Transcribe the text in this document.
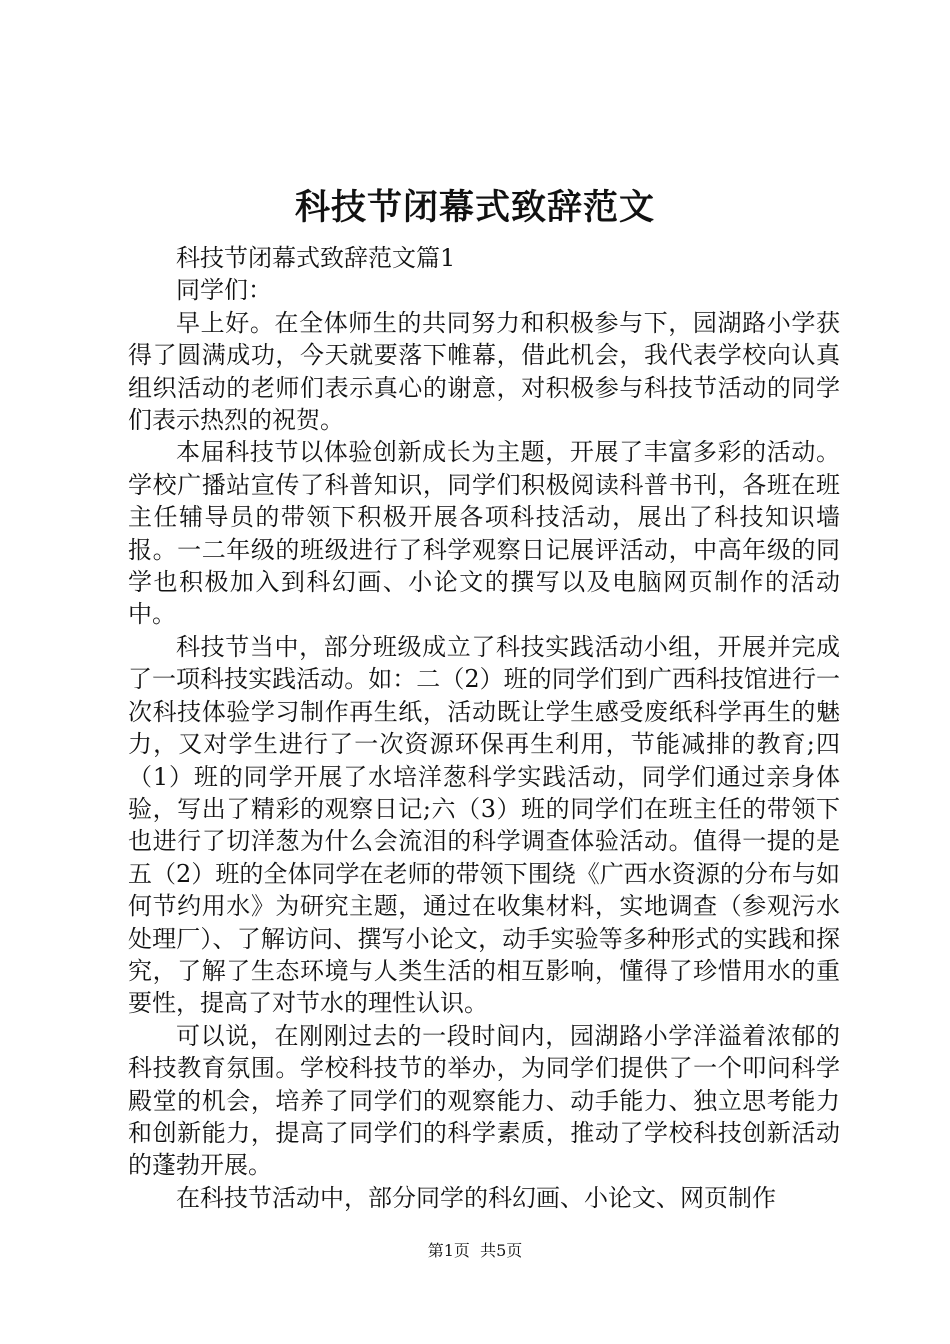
科技节闭幕式致辞范文

科技节闭幕式致辞范文篇1

同学们：

早上好。在全体师生的共同努力和积极参与下，园湖路小学获得了圆满成功，今天就要落下帷幕，借此机会，我代表学校向认真组织活动的老师们表示真心的谢意，对积极参与科技节活动的同学们表示热烈的祝贺。

本届科技节以体验创新成长为主题，开展了丰富多彩的活动。学校广播站宣传了科普知识，同学们积极阅读科普书刊，各班在班主任辅导员的带领下积极开展各项科技活动，展出了科技知识墙报。一二年级的班级进行了科学观察日记展评活动，中高年级的同学也积极加入到科幻画、小论文的撰写以及电脑网页制作的活动中。

科技节当中，部分班级成立了科技实践活动小组，开展并完成了一项科技实践活动。如：二（2）班的同学们到广西科技馆进行一次科技体验学习制作再生纸，活动既让学生感受废纸科学再生的魅力，又对学生进行了一次资源环保再生利用，节能减排的教育;四（1）班的同学开展了水培洋葱科学实践活动，同学们通过亲身体验，写出了精彩的观察日记;六（3）班的同学们在班主任的带领下也进行了切洋葱为什么会流泪的科学调查体验活动。值得一提的是五（2）班的全体同学在老师的带领下围绕《广西水资源的分布与如何节约用水》为研究主题，通过在收集材料，实地调查（参观污水处理厂）、了解访问、撰写小论文，动手实验等多种形式的实践和探究，了解了生态环境与人类生活的相互影响，懂得了珍惜用水的重要性，提高了对节水的理性认识。

可以说，在刚刚过去的一段时间内，园湖路小学洋溢着浓郁的科技教育氛围。学校科技节的举办，为同学们提供了一个叩问科学殿堂的机会，培养了同学们的观察能力、动手能力、独立思考能力和创新能力，提高了同学们的科学素质，推动了学校科技创新活动的蓬勃开展。

在科技节活动中，部分同学的科幻画、小论文、网页制作

第1页 共5页
